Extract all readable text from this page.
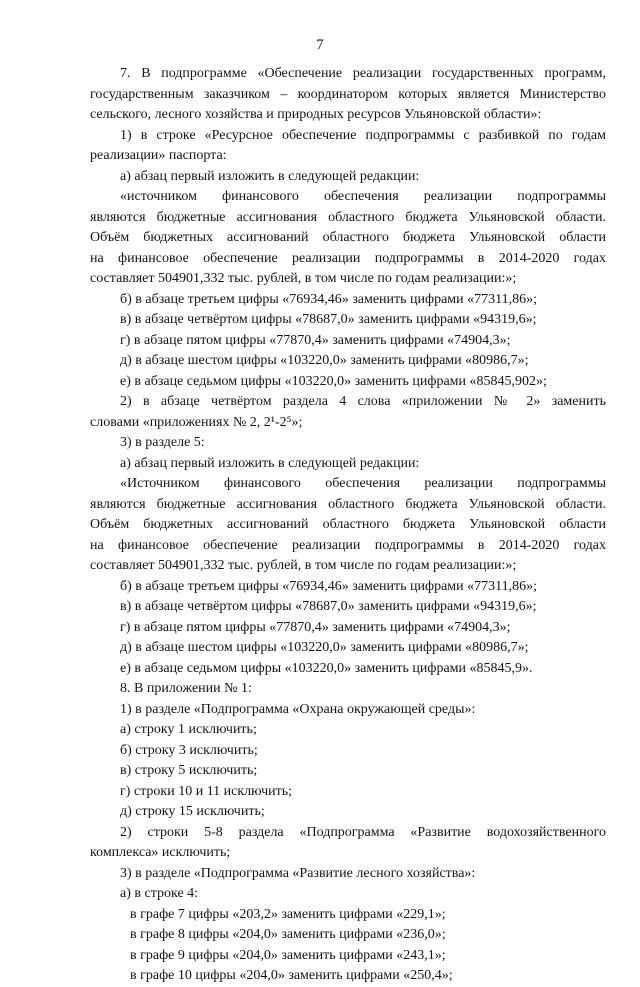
7
7. В подпрограмме «Обеспечение реализации государственных программ,
государственным заказчиком – координатором которых является Министерство
сельского, лесного хозяйства и природных ресурсов Ульяновской области»:
1) в строке «Ресурсное обеспечение подпрограммы с разбивкой по годам
реализации» паспорта:
а) абзац первый изложить в следующей редакции:
«источником финансового обеспечения реализации подпрограммы
являются бюджетные ассигнования областного бюджета Ульяновской области.
Объём бюджетных ассигнований областного бюджета Ульяновской области
на финансовое обеспечение реализации подпрограммы в 2014-2020 годах
составляет 504901,332 тыс. рублей, в том числе по годам реализации:»;
б) в абзаце третьем цифры «76934,46» заменить цифрами «77311,86»;
в) в абзаце четвёртом цифры «78687,0» заменить цифрами «94319,6»;
г) в абзаце пятом цифры «77870,4» заменить цифрами «74904,3»;
д) в абзаце шестом цифры «103220,0» заменить цифрами «80986,7»;
е) в абзаце седьмом цифры «103220,0» заменить цифрами «85845,902»;
2) в абзаце четвёртом раздела 4 слова «приложении № 2» заменить
словами «приложениях № 2, 2¹-2⁵»;
3) в разделе 5:
а) абзац первый изложить в следующей редакции:
«Источником финансового обеспечения реализации подпрограммы
являются бюджетные ассигнования областного бюджета Ульяновской области.
Объём бюджетных ассигнований областного бюджета Ульяновской области
на финансовое обеспечение реализации подпрограммы в 2014-2020 годах
составляет 504901,332 тыс. рублей, в том числе по годам реализации:»;
б) в абзаце третьем цифры «76934,46» заменить цифрами «77311,86»;
в) в абзаце четвёртом цифры «78687,0» заменить цифрами «94319,6»;
г) в абзаце пятом цифры «77870,4» заменить цифрами «74904,3»;
д) в абзаце шестом цифры «103220,0» заменить цифрами «80986,7»;
е) в абзаце седьмом цифры «103220,0» заменить цифрами «85845,9».
8. В приложении № 1:
1) в разделе «Подпрограмма «Охрана окружающей среды»:
а) строку 1 исключить;
б) строку 3 исключить;
в) строку 5 исключить;
г) строки 10 и 11 исключить;
д) строку 15 исключить;
2) строки 5-8 раздела «Подпрограмма «Развитие водохозяйственного
комплекса» исключить;
3) в разделе «Подпрограмма «Развитие лесного хозяйства»:
а) в строке 4:
в графе 7 цифры «203,2» заменить цифрами «229,1»;
в графе 8 цифры «204,0» заменить цифрами «236,0»;
в графе 9 цифры «204,0» заменить цифрами «243,1»;
в графе 10 цифры «204,0» заменить цифрами «250,4»;
